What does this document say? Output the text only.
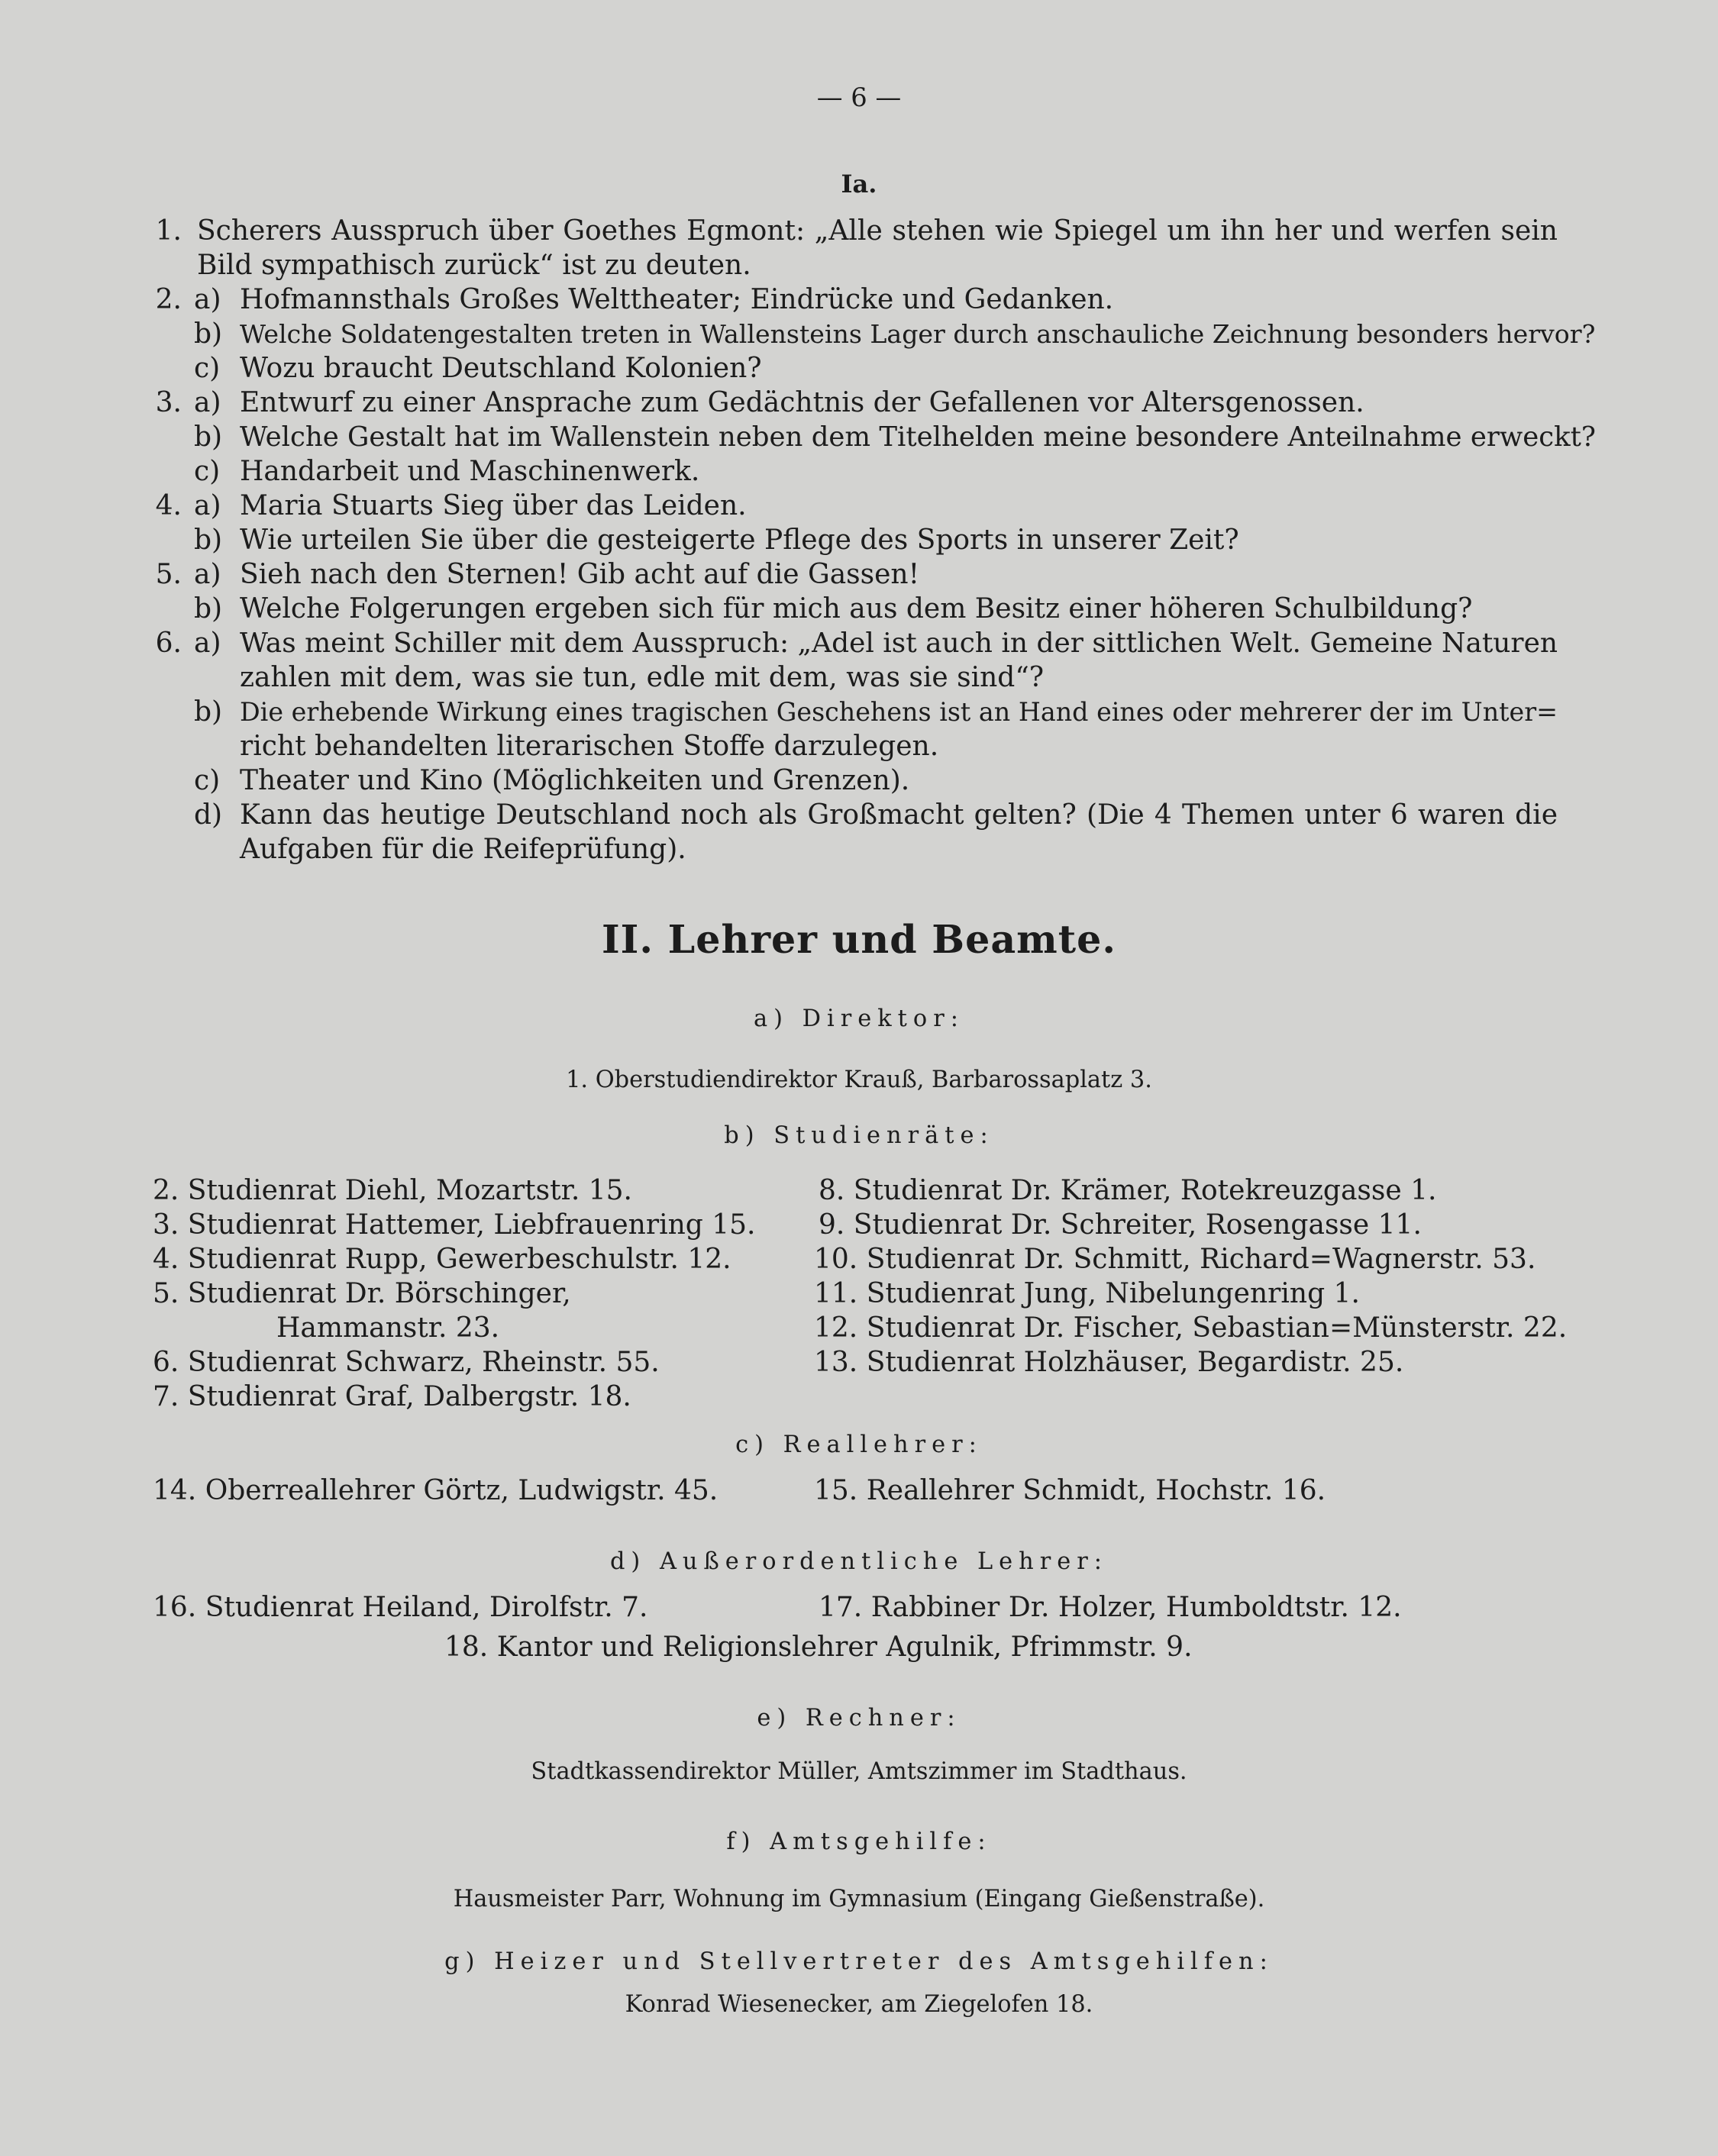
— 6 —
Ia.
1. Scherers Ausspruch über Goethes Egmont: „Alle stehen wie Spiegel um ihn her und werfen sein
Bild sympathisch zurück“ ist zu deuten.
2. a) Hofmannsthals Großes Welttheater; Eindrücke und Gedanken.
b) Welche Soldatengestalten treten in Wallensteins Lager durch anschauliche Zeichnung besonders hervor?
c) Wozu braucht Deutschland Kolonien?
3. a) Entwurf zu einer Ansprache zum Gedächtnis der Gefallenen vor Altersgenossen.
b) Welche Gestalt hat im Wallenstein neben dem Titelhelden meine besondere Anteilnahme erweckt?
c) Handarbeit und Maschinenwerk.
4. a) Maria Stuarts Sieg über das Leiden.
b) Wie urteilen Sie über die gesteigerte Pflege des Sports in unserer Zeit?
5. a) Sieh nach den Sternen! Gib acht auf die Gassen!
b) Welche Folgerungen ergeben sich für mich aus dem Besitz einer höheren Schulbildung?
6. a) Was meint Schiller mit dem Ausspruch: „Adel ist auch in der sittlichen Welt. Gemeine Naturen
zahlen mit dem, was sie tun, edle mit dem, was sie sind“?
b) Die erhebende Wirkung eines tragischen Geschehens ist an Hand eines oder mehrerer der im Unter=
richt behandelten literarischen Stoffe darzulegen.
c) Theater und Kino (Möglichkeiten und Grenzen).
d) Kann das heutige Deutschland noch als Großmacht gelten? (Die 4 Themen unter 6 waren die
Aufgaben für die Reifeprüfung).
II. Lehrer und Beamte.
a) Direktor:
1. Oberstudiendirektor Krauß, Barbarossaplatz 3.
b) Studienräte:
2. Studienrat Diehl, Mozartstr. 15.
3. Studienrat Hattemer, Liebfrauenring 15.
4. Studienrat Rupp, Gewerbeschulstr. 12.
5. Studienrat Dr. Börschinger,
Hammanstr. 23.
6. Studienrat Schwarz, Rheinstr. 55.
7. Studienrat Graf, Dalbergstr. 18.
8. Studienrat Dr. Krämer, Rotekreuzgasse 1.
9. Studienrat Dr. Schreiter, Rosengasse 11.
10. Studienrat Dr. Schmitt, Richard=Wagnerstr. 53.
11. Studienrat Jung, Nibelungenring 1.
12. Studienrat Dr. Fischer, Sebastian=Münsterstr. 22.
13. Studienrat Holzhäuser, Begardistr. 25.
c) Reallehrer:
14. Oberreallehrer Görtz, Ludwigstr. 45.	15. Reallehrer Schmidt, Hochstr. 16.
d) Außerordentliche Lehrer:
16. Studienrat Heiland, Dirolfstr. 7.	17. Rabbiner Dr. Holzer, Humboldtstr. 12.
18. Kantor und Religionslehrer Agulnik, Pfrimmstr. 9.
e) Rechner:
Stadtkassendirektor Müller, Amtszimmer im Stadthaus.
f) Amtsgehilfe:
Hausmeister Parr, Wohnung im Gymnasium (Eingang Gießenstraße).
g) Heizer und Stellvertreter des Amtsgehilfen:
Konrad Wiesenecker, am Ziegelofen 18.
